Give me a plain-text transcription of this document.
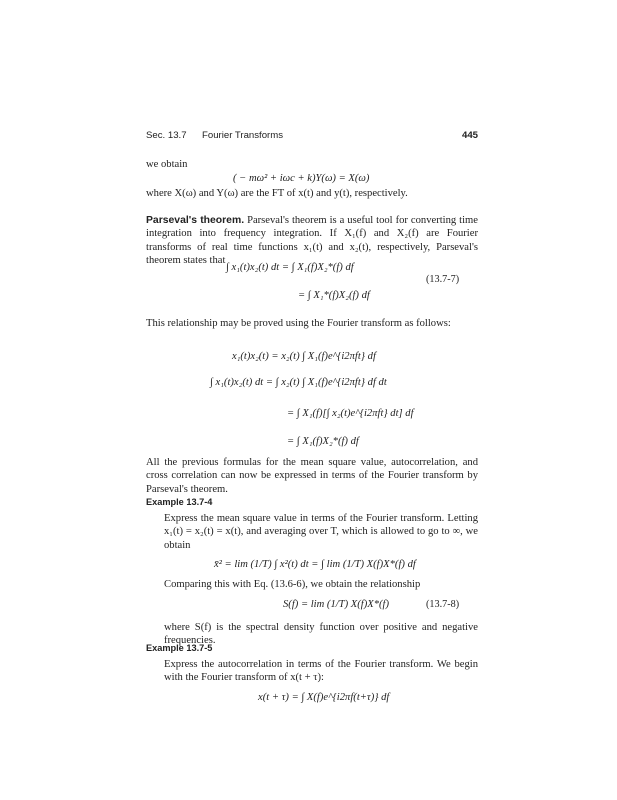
Sec. 13.7 Fourier Transforms	445
we obtain
( − mω² + iωc + k)Y(ω) = X(ω)
where X(ω) and Y(ω) are the FT of x(t) and y(t), respectively.
Parseval's theorem. Parseval's theorem is a useful tool for converting time integration into frequency integration. If X₁(f) and X₂(f) are Fourier transforms of real time functions x₁(t) and x₂(t), respectively, Parseval's theorem states that
∫ x₁(t)x₂(t) dt = ∫ X₁(f)X₂*(f) df
= ∫ X₁*(f)X₂(f) df
(13.7-7)
This relationship may be proved using the Fourier transform as follows:
x₁(t)x₂(t) = x₂(t) ∫ X₁(f)e^{i2πft} df
∫ x₁(t)x₂(t) dt = ∫ x₂(t) ∫ X₁(f)e^{i2πft} df dt
= ∫ X₁(f)[∫ x₂(t)e^{i2πft} dt] df
= ∫ X₁(f)X₂*(f) df
All the previous formulas for the mean square value, autocorrelation, and cross correlation can now be expressed in terms of the Fourier transform by Parseval's theorem.
Example 13.7-4
Express the mean square value in terms of the Fourier transform. Letting x₁(t) = x₂(t) = x(t), and averaging over T, which is allowed to go to ∞, we obtain
x̄² = lim (1/T) ∫ x²(t) dt = ∫ lim (1/T) X(f)X*(f) df
Comparing this with Eq. (13.6-6), we obtain the relationship
S(f) = lim (1/T) X(f)X*(f)	(13.7-8)
where S(f) is the spectral density function over positive and negative frequencies.
Example 13.7-5
Express the autocorrelation in terms of the Fourier transform. We begin with the Fourier transform of x(t + τ):
x(t + τ) = ∫ X(f)e^{i2πf(t+τ)} df
